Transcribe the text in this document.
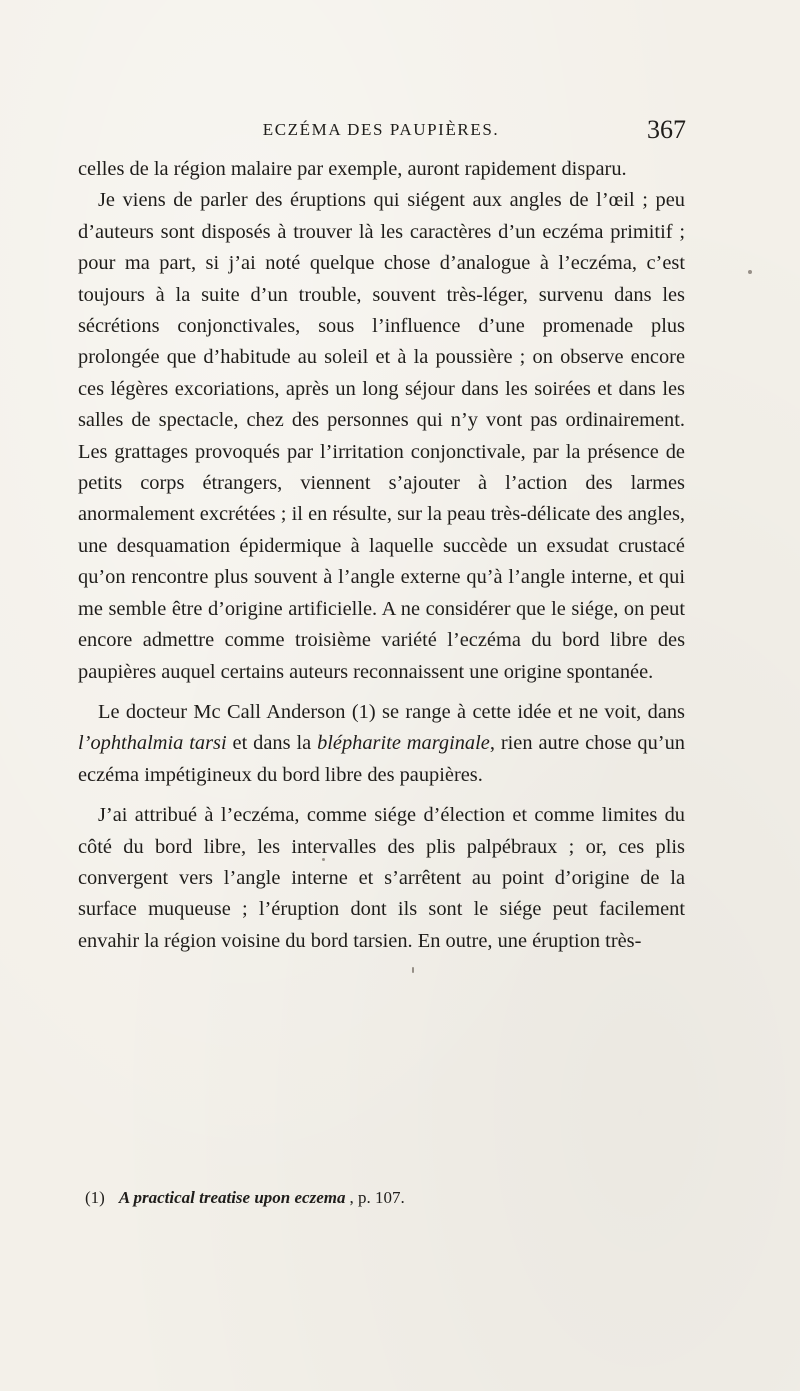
ECZÉMA DES PAUPIÈRES.	367

celles de la région malaire par exemple, auront rapidement disparu.

Je viens de parler des éruptions qui siégent aux angles de l’œil ; peu d’auteurs sont disposés à trouver là les caractères d’un eczéma primitif ; pour ma part, si j’ai noté quelque chose d’analogue à l’eczéma, c’est toujours à la suite d’un trouble, souvent très-léger, survenu dans les sécrétions conjonctivales, sous l’influence d’une promenade plus prolongée que d’habitude au soleil et à la poussière ; on observe encore ces légères excoriations, après un long séjour dans les soirées et dans les salles de spectacle, chez des personnes qui n’y vont pas ordinairement. Les grattages provoqués par l’irritation conjonctivale, par la présence de petits corps étrangers, viennent s’ajouter à l’action des larmes anormalement excrétées ; il en résulte, sur la peau très-délicate des angles, une desquamation épidermique à laquelle succède un exsudat crustacé qu’on rencontre plus souvent à l’angle externe qu’à l’angle interne, et qui me semble être d’origine artificielle. A ne considérer que le siége, on peut encore admettre comme troisième variété l’eczéma du bord libre des paupières auquel certains auteurs reconnaissent une origine spontanée.

Le docteur Mc Call Anderson (1) se range à cette idée et ne voit, dans l’ophthalmia tarsi et dans la blépharite marginale, rien autre chose qu’un eczéma impétigineux du bord libre des paupières.

J’ai attribué à l’eczéma, comme siége d’élection et comme limites du côté du bord libre, les intervalles des plis palpébraux ; or, ces plis convergent vers l’angle interne et s’arrêtent au point d’origine de la surface muqueuse ; l’éruption dont ils sont le siége peut facilement envahir la région voisine du bord tarsien. En outre, une éruption très-

(1) A practical treatise upon eczema , p. 107.
